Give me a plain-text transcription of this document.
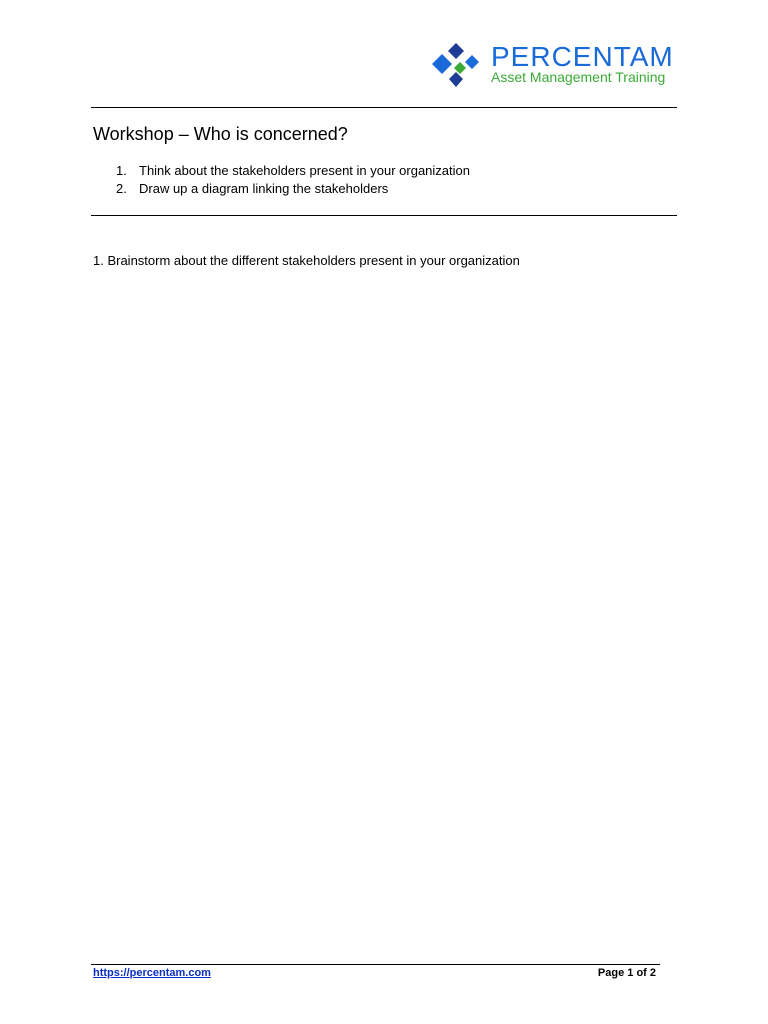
PERCENTAM
Asset Management Training
Workshop – Who is concerned?
1. Think about the stakeholders present in your organization
2. Draw up a diagram linking the stakeholders

1. Brainstorm about the different stakeholders present in your organization

https://percentam.com	Page 1 of 2
